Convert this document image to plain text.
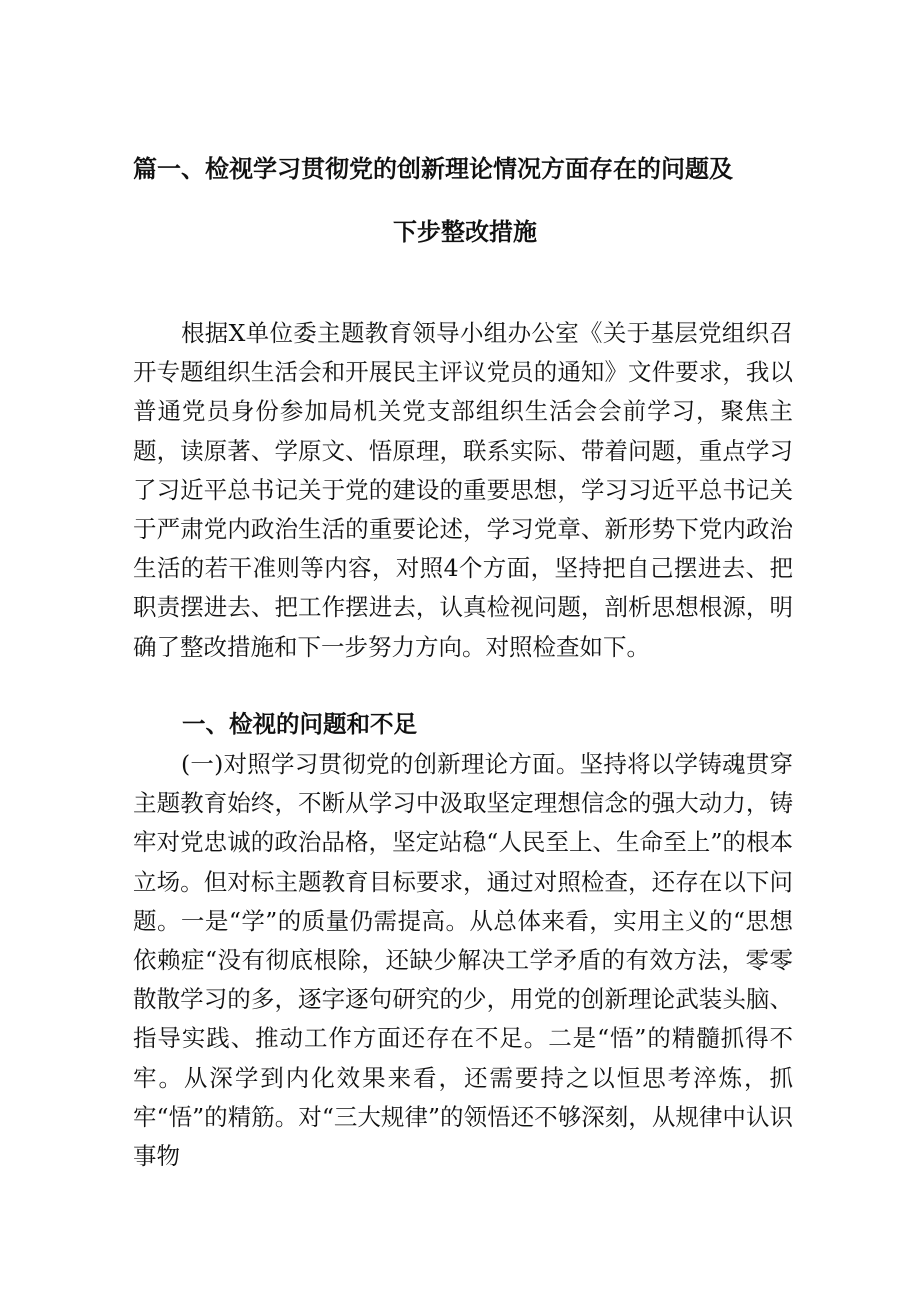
篇一、检视学习贯彻党的创新理论情况方面存在的问题及
下步整改措施
根据X单位委主题教育领导小组办公室《关于基层党组织召开专题组织生活会和开展民主评议党员的通知》文件要求，我以普通党员身份参加局机关党支部组织生活会会前学习，聚焦主题，读原著、学原文、悟原理，联系实际、带着问题，重点学习了习近平总书记关于党的建设的重要思想，学习习近平总书记关于严肃党内政治生活的重要论述，学习党章、新形势下党内政治生活的若干准则等内容，对照4个方面，坚持把自己摆进去、把职责摆进去、把工作摆进去，认真检视问题，剖析思想根源，明确了整改措施和下一步努力方向。对照检查如下。
一、检视的问题和不足
(一)对照学习贯彻党的创新理论方面。坚持将以学铸魂贯穿主题教育始终，不断从学习中汲取坚定理想信念的强大动力，铸牢对党忠诚的政治品格，坚定站稳“人民至上、生命至上”的根本立场。但对标主题教育目标要求，通过对照检查，还存在以下问题。一是“学”的质量仍需提高。从总体来看，实用主义的“思想依赖症“没有彻底根除，还缺少解决工学矛盾的有效方法，零零散散学习的多，逐字逐句研究的少，用党的创新理论武装头脑、指导实践、推动工作方面还存在不足。二是“悟”的精髓抓得不牢。从深学到内化效果来看，还需要持之以恒思考淬炼，抓牢“悟”的精筋。对“三大规律”的领悟还不够深刻，从规律中认识事物
